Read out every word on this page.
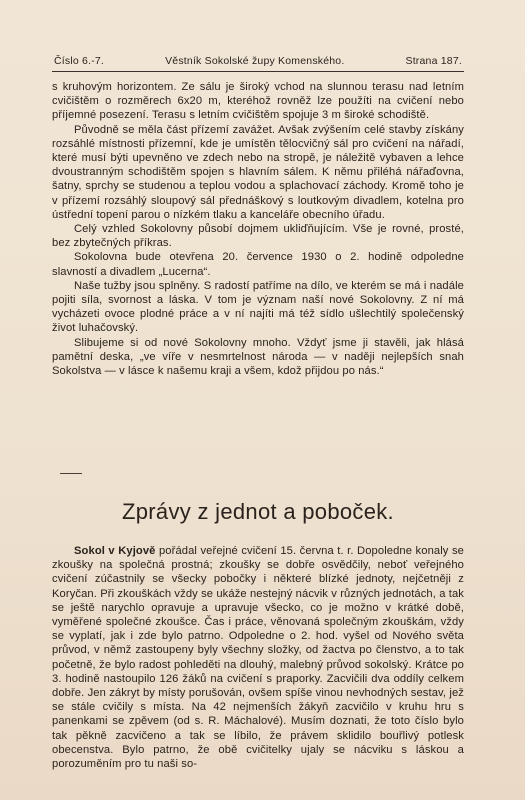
Číslo 6.-7.	Věstník Sokolské župy Komenského.	Strana 187.

s kruhovým horizontem. Ze sálu je široký vchod na slunnou terasu nad letním cvičištěm o rozměrech 6x20 m, kteréhož rovněž lze použíti na cvičení nebo příjemné posezení. Terasu s letním cvičištěm spojuje 3 m široké schodiště.

Původně se měla část přízemí zavážet. Avšak zvýšením celé stavby získány rozsáhlé místnosti přízemní, kde je umístěn tělocvičný sál pro cvičení na nářadí, které musí býti upevněno ve zdech nebo na stropě, je náležitě vybaven a lehce dvoustranným schodištěm spojen s hlavním sálem. K němu přiléhá nářaďovna, šatny, sprchy se studenou a teplou vodou a splachovací záchody. Kromě toho je v přízemí rozsáhlý sloupový sál přednáškový s loutkovým divadlem, kotelna pro ústřední topení parou o nízkém tlaku a kanceláře obecního úřadu.

Celý vzhled Sokolovny působí dojmem ukliďňujícím. Vše je rovné, prosté, bez zbytečných příkras.

Sokolovna bude otevřena 20. července 1930 o 2. hodině odpoledne slavností a divadlem „Lucerna“.

Naše tužby jsou splněny. S radostí patříme na dílo, ve kterém se má i nadále pojiti síla, svornost a láska. V tom je význam naší nové Sokolovny. Z ní má vycházeti ovoce plodné práce a v ní najíti má též sídlo ušlechtilý společenský život luhačovský.

Slibujeme si od nové Sokolovny mnoho. Vždyť jsme ji stavěli, jak hlásá pamětní deska, „ve víře v nesmrtelnost národa — v naději nejlepších snah Sokolstva — v lásce k našemu kraji a všem, kdož přijdou po nás.“

Zprávy z jednot a poboček.

Sokol v Kyjově pořádal veřejné cvičení 15. června t. r. Dopoledne konaly se zkoušky na společná prostná; zkoušky se dobře osvědčily, neboť veřejného cvičení zúčastnily se všecky pobočky i některé blízké jednoty, nejčetněji z Koryčan. Při zkouškách vždy se ukáže nestejný nácvik v různých jednotách, a tak se ještě narychlo opravuje a upravuje všecko, co je možno v krátké době, vyměřené společné zkoušce. Čas i práce, věnovaná společným zkouškám, vždy se vyplatí, jak i zde bylo patrno. Odpoledne o 2. hod. vyšel od Nového světa průvod, v němž zastoupeny byly všechny složky, od žactva po členstvo, a to tak početně, že bylo radost pohleděti na dlouhý, malebný průvod sokolský. Krátce po 3. hodině nastoupilo 126 žáků na cvičení s praporky. Zacvičili dva oddíly celkem dobře. Jen zákryt by místy porušován, ovšem spíše vinou nevhodných sestav, jež se stále cvičily s místa. Na 42 nejmenších žákyň zacvičilo v kruhu hru s panenkami se zpěvem (od s. R. Máchalové). Musím doznati, že toto číslo bylo tak pěkně zacvičeno a tak se líbilo, že právem sklidilo bouřlivý potlesk obecenstva. Bylo patrno, že obě cvičitelky ujaly se nácviku s láskou a porozuměním pro tu naši so-
